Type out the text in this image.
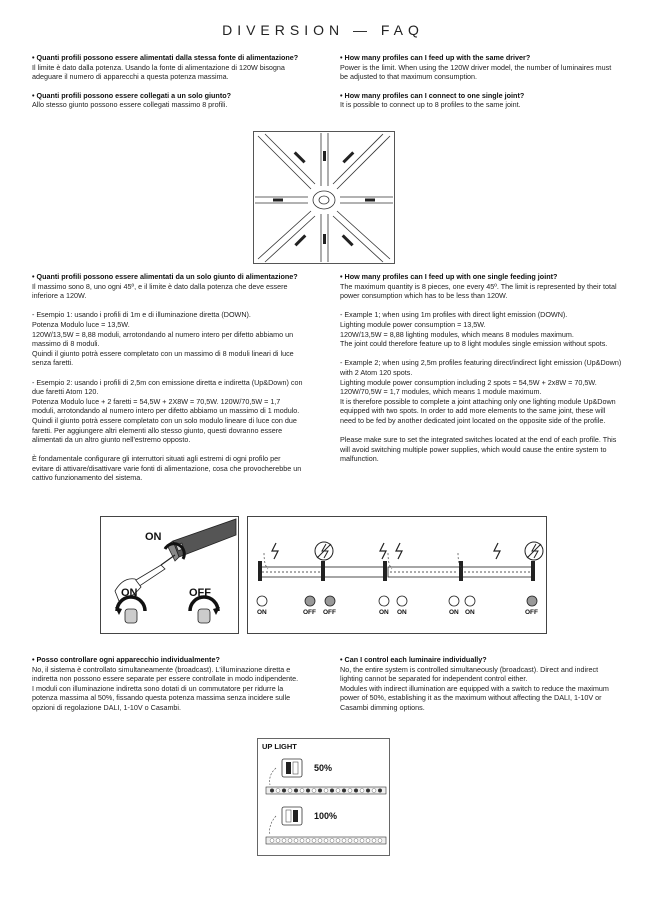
DIVERSION — FAQ

• Quanti profili possono essere alimentati dalla stessa fonte di alimentazione?

Il limite è dato dalla potenza. Usando la fonte di alimentazione di 120W bisogna adeguare il numero di apparecchi a questa potenza massima.

• Quanti profili possono essere collegati a un solo giunto?

Allo stesso giunto possono essere collegati massimo 8 profili.

• How many profiles can I feed up with the same driver?

Power is the limit. When using the 120W driver model, the number of luminaires must be adjusted to that maximum consumption.

• How many profiles can I connect to one single joint?

It is possible to connect up to 8 profiles to the same joint.

• Quanti profili possono essere alimentati da un solo giunto di alimentazione?

Il massimo sono 8, uno ogni 45º, e il limite è dato dalla potenza che deve essere inferiore a 120W.

- Esempio 1: usando i profili di 1m e di illuminazione diretta (DOWN).
Potenza Modulo luce = 13,5W.
120W/13,5W = 8,88 moduli, arrotondando al numero intero per difetto abbiamo un massimo di 8 moduli.
Quindi il giunto potrà essere completato con un massimo di 8 moduli lineari di luce senza faretti.

- Esempio 2: usando i profili di 2,5m con emissione diretta e indiretta (Up&Down) con due faretti Atom 120.
Potenza Modulo luce + 2 faretti = 54,5W + 2X8W = 70,5W. 120W/70,5W = 1,7 moduli, arrotondando al numero intero per difetto abbiamo un massimo di 1 modulo.
Quindi il giunto potrà essere completato con un solo modulo lineare di luce con due faretti. Per aggiungere altri elementi allo stesso giunto, questi dovranno essere alimentati da un altro giunto nell'estremo opposto.

È fondamentale configurare gli interruttori situati agli estremi di ogni profilo per evitare di attivare/disattivare varie fonti di alimentazione, cosa che provocherebbe un cattivo funzionamento del sistema.

• How many profiles can I feed up with one single feeding joint?

The maximum quantity is 8 pieces, one every 45º. The limit is represented by their total power consumption which has to be less than 120W.

- Example 1; when using 1m profiles with direct light emission (DOWN).
Lighting module power consumption = 13,5W.
120W/13,5W = 8,88 lighting modules, which means 8 modules maximum.
The joint could therefore feature up to 8 light modules single emission without spots.

- Example 2; when using 2,5m profiles featuring direct/indirect light emission (Up&Down) with 2 Atom 120 spots.
Lighting module power consumption including 2 spots = 54,5W + 2x8W = 70,5W.
120W/70,5W = 1,7 modules, which means 1 module maximum.
It is therefore possible to complete a joint attaching only one lighting module Up&Down equipped with two spots. In order to add more elements to the same joint, these will need to be fed by another dedicated joint located on the opposite side of the profile.

Please make sure to set the integrated switches located at the end of each profile. This will avoid switching multiple power supplies, which would cause the entire system to malfunction.

ON
ON	OFF
ON	OFF OFF	ON ON	ON ON	OFF

• Posso controllare ogni apparecchio individualmente?

No, il sistema è controllato simultaneamente (broadcast). L'illuminazione diretta e indiretta non possono essere separate per essere controllate in modo indipendente.
I moduli con illuminazione indiretta sono dotati di un commutatore per ridurre la potenza massima al 50%, fissando questa potenza massima senza incidere sulle opzioni di regolazione DALI, 1-10V o Casambi.

• Can I control each luminaire individually?

No, the entire system is controlled simultaneously (broadcast). Direct and indirect lighting cannot be separated for independent control either.
Modules with indirect illumination are equipped with a switch to reduce the maximum power of 50%, establishing it as the maximum without affecting the DALI, 1-10V or Casambi dimming options.

UP LIGHT
50%
100%
